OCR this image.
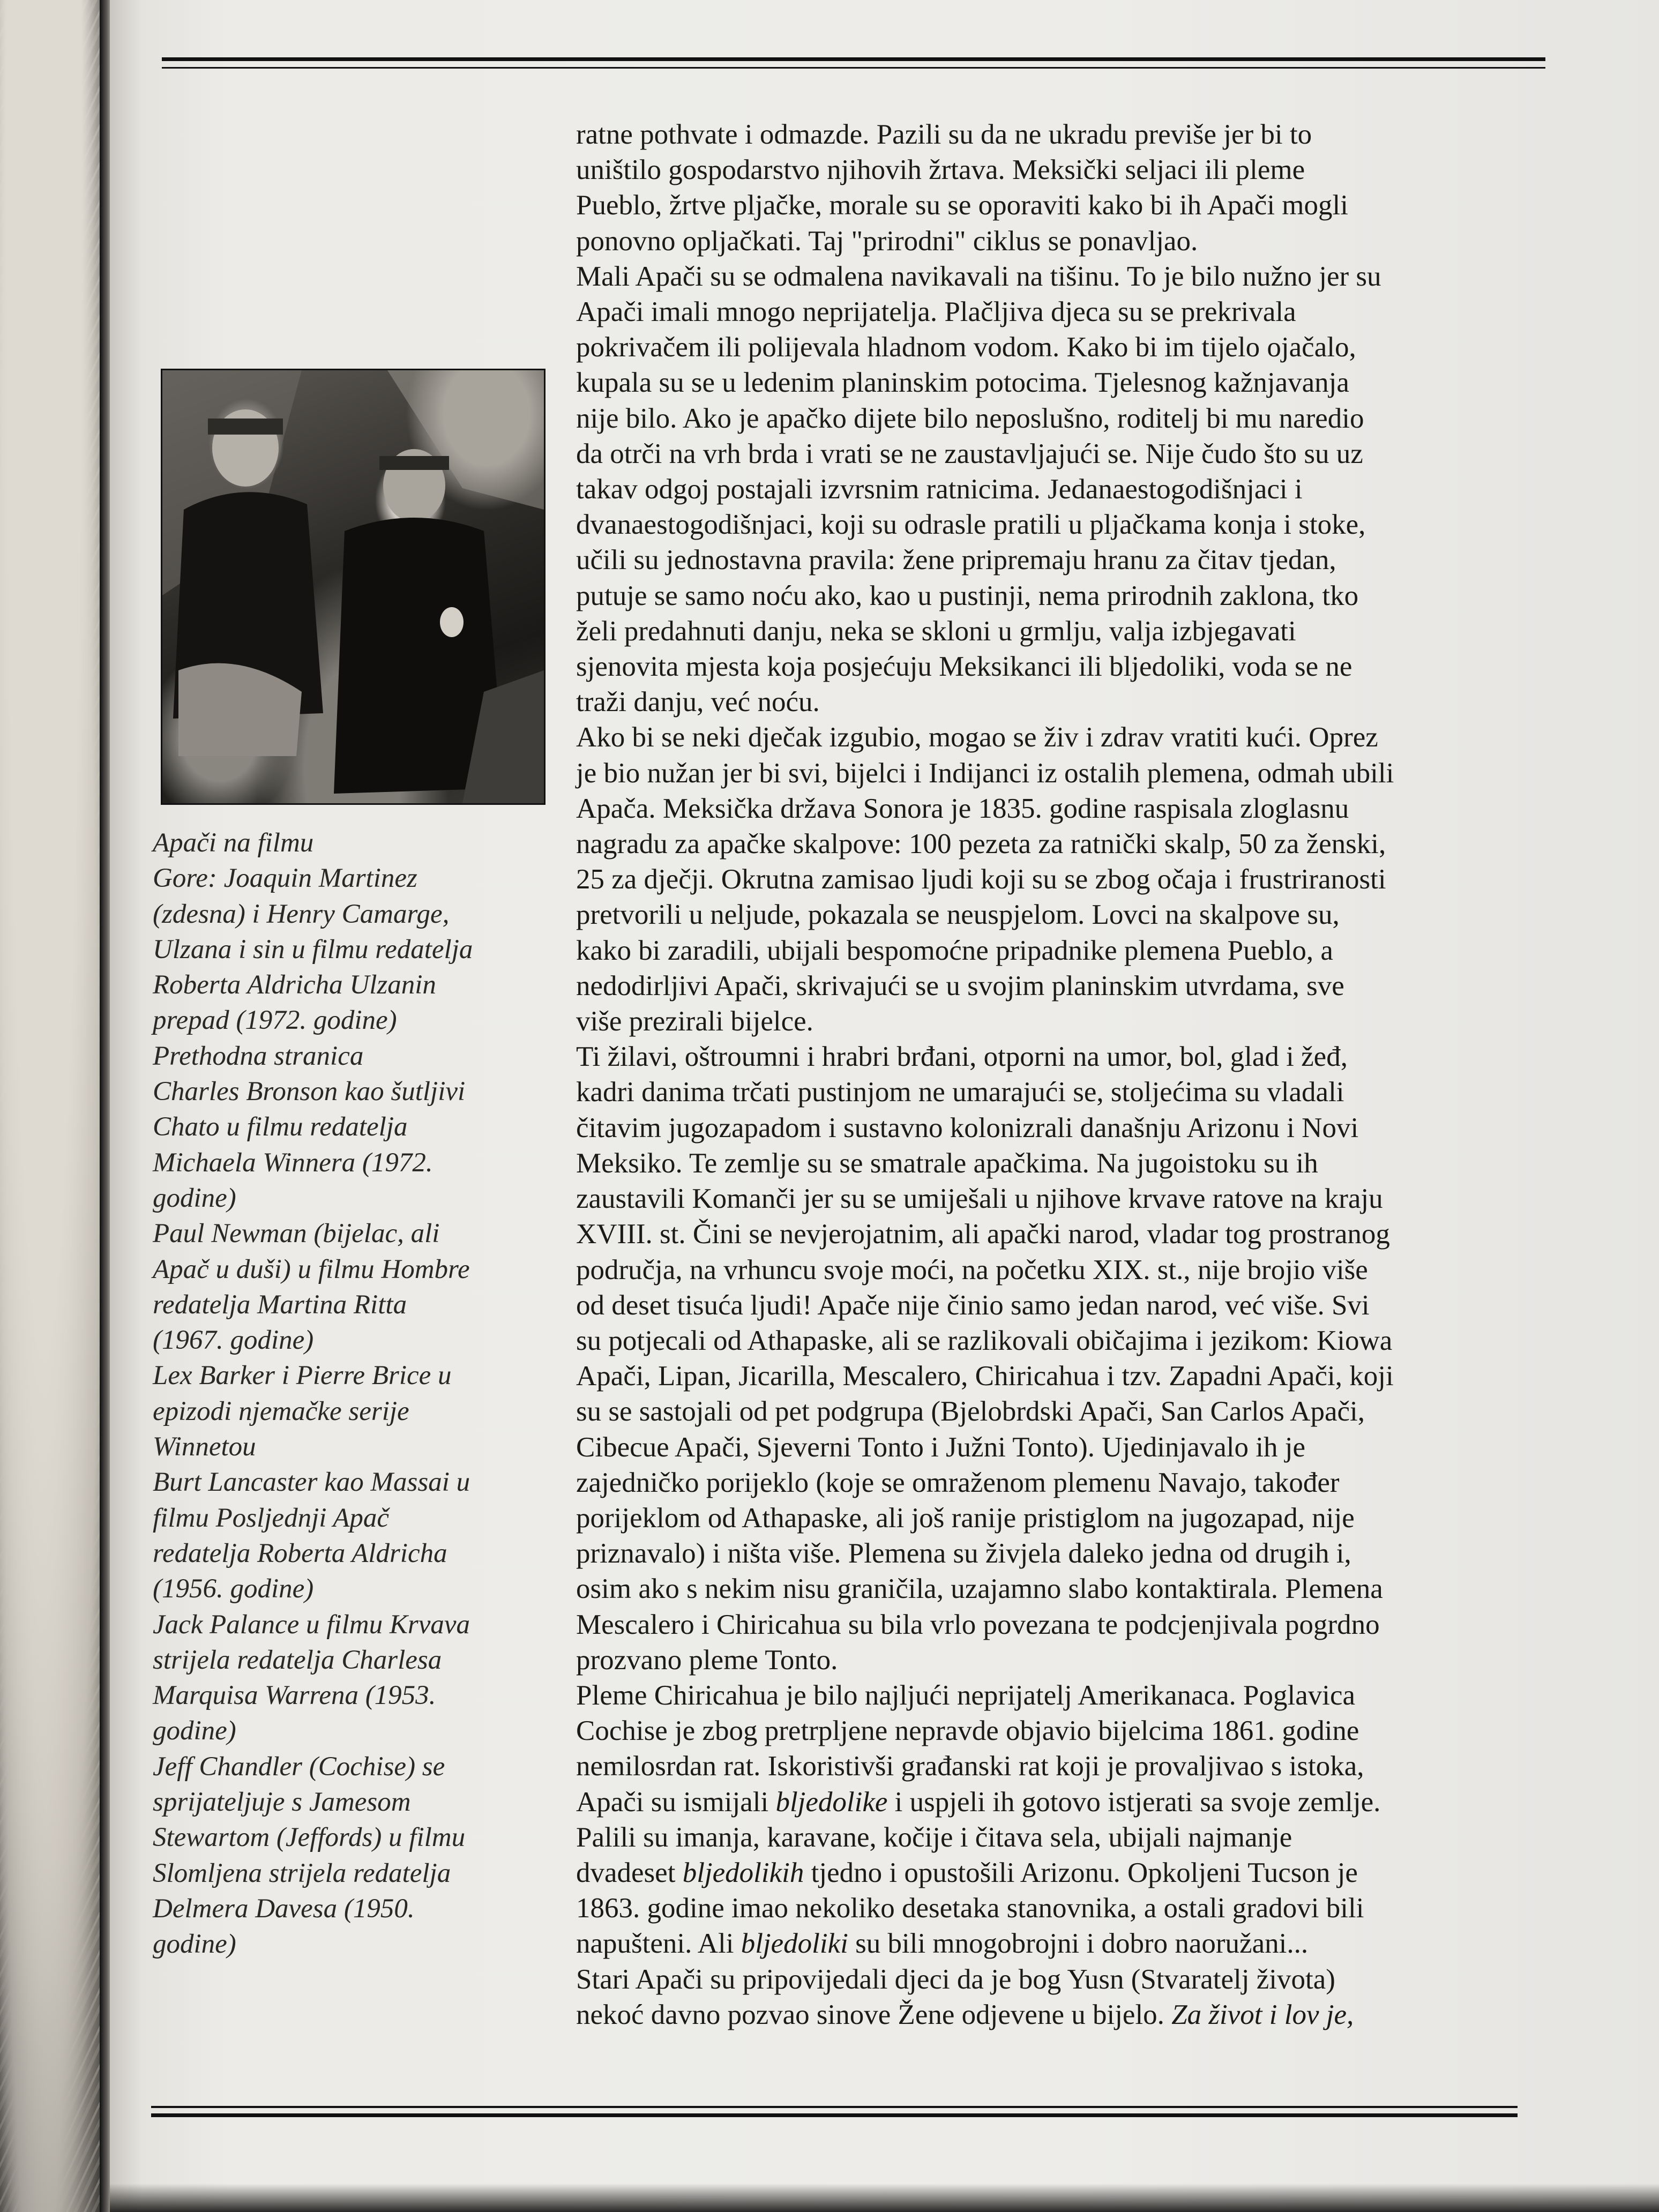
Apači na filmu
Gore: Joaquin Martinez
(zdesna) i Henry Camarge,
Ulzana i sin u filmu redatelja
Roberta Aldricha Ulzanin
prepad (1972. godine)
Prethodna stranica
Charles Bronson kao šutljivi
Chato u filmu redatelja
Michaela Winnera (1972.
godine)
Paul Newman (bijelac, ali
Apač u duši) u filmu Hombre
redatelja Martina Ritta
(1967. godine)
Lex Barker i Pierre Brice u
epizodi njemačke serije
Winnetou
Burt Lancaster kao Massai u
filmu Posljednji Apač
redatelja Roberta Aldricha
(1956. godine)
Jack Palance u filmu Krvava
strijela redatelja Charlesa
Marquisa Warrena (1953.
godine)
Jeff Chandler (Cochise) se
sprijateljuje s Jamesom
Stewartom (Jeffords) u filmu
Slomljena strijela redatelja
Delmera Davesa (1950.
godine)
ratne pothvate i odmazde. Pazili su da ne ukradu previše jer bi to
uništilo gospodarstvo njihovih žrtava. Meksički seljaci ili pleme
Pueblo, žrtve pljačke, morale su se oporaviti kako bi ih Apači mogli
ponovno opljačkati. Taj "prirodni" ciklus se ponavljao.
Mali Apači su se odmalena navikavali na tišinu. To je bilo nužno jer su
Apači imali mnogo neprijatelja. Plačljiva djeca su se prekrivala
pokrivačem ili polijevala hladnom vodom. Kako bi im tijelo ojačalo,
kupala su se u ledenim planinskim potocima. Tjelesnog kažnjavanja
nije bilo. Ako je apačko dijete bilo neposlušno, roditelj bi mu naredio
da otrči na vrh brda i vrati se ne zaustavljajući se. Nije čudo što su uz
takav odgoj postajali izvrsnim ratnicima. Jedanaestogodišnjaci i
dvanaestogodišnjaci, koji su odrasle pratili u pljačkama konja i stoke,
učili su jednostavna pravila: žene pripremaju hranu za čitav tjedan,
putuje se samo noću ako, kao u pustinji, nema prirodnih zaklona, tko
želi predahnuti danju, neka se skloni u grmlju, valja izbjegavati
sjenovita mjesta koja posjećuju Meksikanci ili bljedoliki, voda se ne
traži danju, već noću.
Ako bi se neki dječak izgubio, mogao se živ i zdrav vratiti kući. Oprez
je bio nužan jer bi svi, bijelci i Indijanci iz ostalih plemena, odmah ubili
Apača. Meksička država Sonora je 1835. godine raspisala zloglasnu
nagradu za apačke skalpove: 100 pezeta za ratnički skalp, 50 za ženski,
25 za dječji. Okrutna zamisao ljudi koji su se zbog očaja i frustriranosti
pretvorili u neljude, pokazala se neuspjelom. Lovci na skalpove su,
kako bi zaradili, ubijali bespomoćne pripadnike plemena Pueblo, a
nedodirljivi Apači, skrivajući se u svojim planinskim utvrdama, sve
više prezirali bijelce.
Ti žilavi, oštroumni i hrabri brđani, otporni na umor, bol, glad i žeđ,
kadri danima trčati pustinjom ne umarajući se, stoljećima su vladali
čitavim jugozapadom i sustavno kolonizrali današnju Arizonu i Novi
Meksiko. Te zemlje su se smatrale apačkima. Na jugoistoku su ih
zaustavili Komanči jer su se umiješali u njihove krvave ratove na kraju
XVIII. st. Čini se nevjerojatnim, ali apački narod, vladar tog prostranog
područja, na vrhuncu svoje moći, na početku XIX. st., nije brojio više
od deset tisuća ljudi! Apače nije činio samo jedan narod, već više. Svi
su potjecali od Athapaske, ali se razlikovali običajima i jezikom: Kiowa
Apači, Lipan, Jicarilla, Mescalero, Chiricahua i tzv. Zapadni Apači, koji
su se sastojali od pet podgrupa (Bjelobrdski Apači, San Carlos Apači,
Cibecue Apači, Sjeverni Tonto i Južni Tonto). Ujedinjavalo ih je
zajedničko porijeklo (koje se omraženom plemenu Navajo, također
porijeklom od Athapaske, ali još ranije pristiglom na jugozapad, nije
priznavalo) i ništa više. Plemena su živjela daleko jedna od drugih i,
osim ako s nekim nisu graničila, uzajamno slabo kontaktirala. Plemena
Mescalero i Chiricahua su bila vrlo povezana te podcjenjivala pogrdno
prozvano pleme Tonto.
Pleme Chiricahua je bilo najljući neprijatelj Amerikanaca. Poglavica
Cochise je zbog pretrpljene nepravde objavio bijelcima 1861. godine
nemilosrdan rat. Iskoristivši građanski rat koji je provaljivao s istoka,
Apači su ismijali bljedolike i uspjeli ih gotovo istjerati sa svoje zemlje.
Palili su imanja, karavane, kočije i čitava sela, ubijali najmanje
dvadeset bljedolikih tjedno i opustošili Arizonu. Opkoljeni Tucson je
1863. godine imao nekoliko desetaka stanovnika, a ostali gradovi bili
napušteni. Ali bljedoliki su bili mnogobrojni i dobro naoružani...
Stari Apači su pripovijedali djeci da je bog Yusn (Stvaratelj života)
nekoć davno pozvao sinove Žene odjevene u bijelo. Za život i lov je,
